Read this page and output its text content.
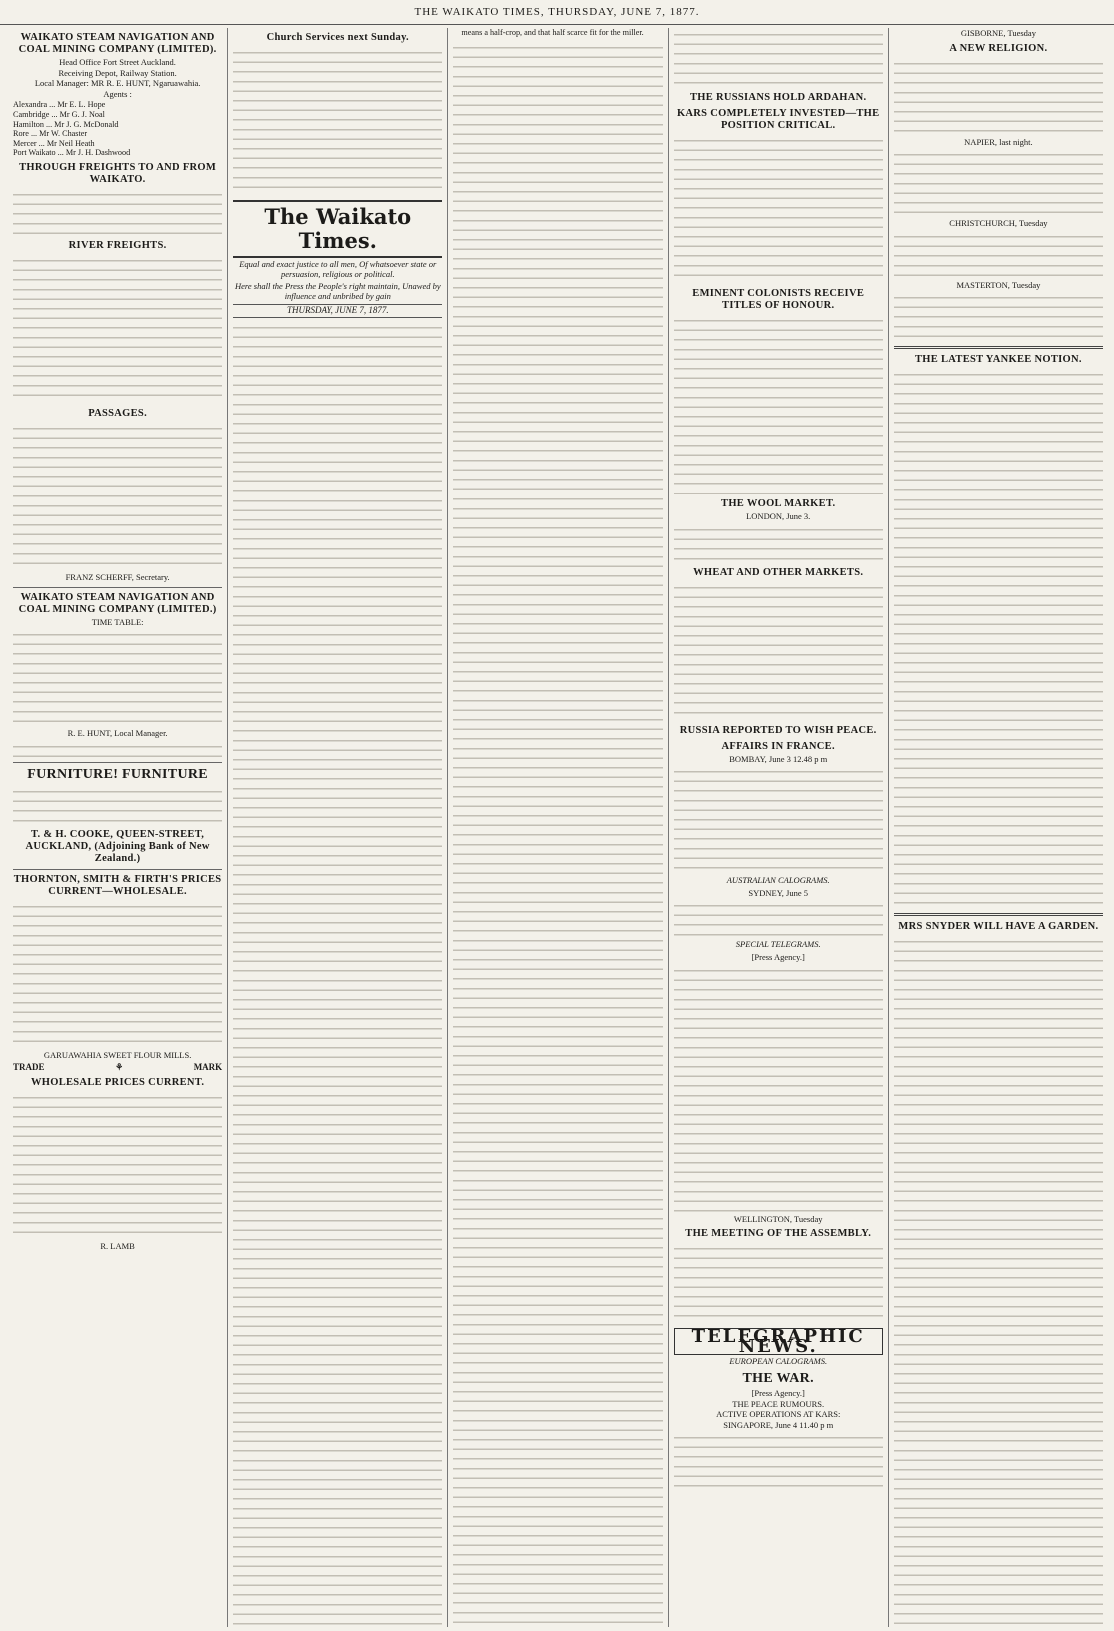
THE WAIKATO TIMES, THURSDAY, JUNE 7, 1877.
WAIKATO STEAM NAVIGATION AND COAL MINING COMPANY (LIMITED).
Head Office Fort Street Auckland.
Receiving Depot, Railway Station.
Local Manager: MR R. E. HUNT, Ngaruawahia.
Agents :
Alexandra ... Mr E. L. Hope
Cambridge ... Mr G. J. Noal
Hamilton ... Mr J. G. McDonald
Rore ... Mr W. Chaster
Mercer ... Mr Neil Heath
Port Waikato ... Mr J. H. Dashwood
THROUGH FREIGHTS TO AND FROM WAIKATO.
RIVER FREIGHTS.
PASSAGES.
FRANZ SCHERFF, Secretary.
WAIKATO STEAM NAVIGATION AND COAL MINING COMPANY (LIMITED.)
TIME TABLE:
R. E. HUNT, Local Manager.
FURNITURE! FURNITURE
T. & H. COOKE, QUEEN-STREET, AUCKLAND, (Adjoining Bank of New Zealand.)
THORNTON, SMITH & FIRTH'S PRICES CURRENT—WHOLESALE.
GARUAWAHIA SWEET FLOUR MILLS.
TRADE	⚘	MARK
WHOLESALE PRICES CURRENT.
R. LAMB
Church Services next Sunday.
The Waikato Times.
Equal and exact justice to all men, Of whatsoever state or persuasion, religious or political.
Here shall the Press the People's right maintain, Unawed by influence and unbribed by gain
THURSDAY, JUNE 7, 1877.
means a half-crop, and that half scarce fit for the miller.
THE RUSSIANS HOLD ARDAHAN.
KARS COMPLETELY INVESTED—THE POSITION CRITICAL.
EMINENT COLONISTS RECEIVE TITLES OF HONOUR.
THE WOOL MARKET.
LONDON, June 3.
WHEAT AND OTHER MARKETS.
RUSSIA REPORTED TO WISH PEACE.
AFFAIRS IN FRANCE.
BOMBAY, June 3 12.48 p m
AUSTRALIAN CALOGRAMS.
SYDNEY, June 5
SPECIAL TELEGRAMS.
[Press Agency.]
WELLINGTON, Tuesday
THE MEETING OF THE ASSEMBLY.
TELEGRAPHIC NEWS.
EUROPEAN CALOGRAMS.
THE WAR.
[Press Agency.]
THE PEACE RUMOURS.
ACTIVE OPERATIONS AT KARS:
SINGAPORE, June 4 11.40 p m
GISBORNE, Tuesday
A NEW RELIGION.
NAPIER, last night.
CHRISTCHURCH, Tuesday
MASTERTON, Tuesday
THE LATEST YANKEE NOTION.
MRS SNYDER WILL HAVE A GARDEN.
